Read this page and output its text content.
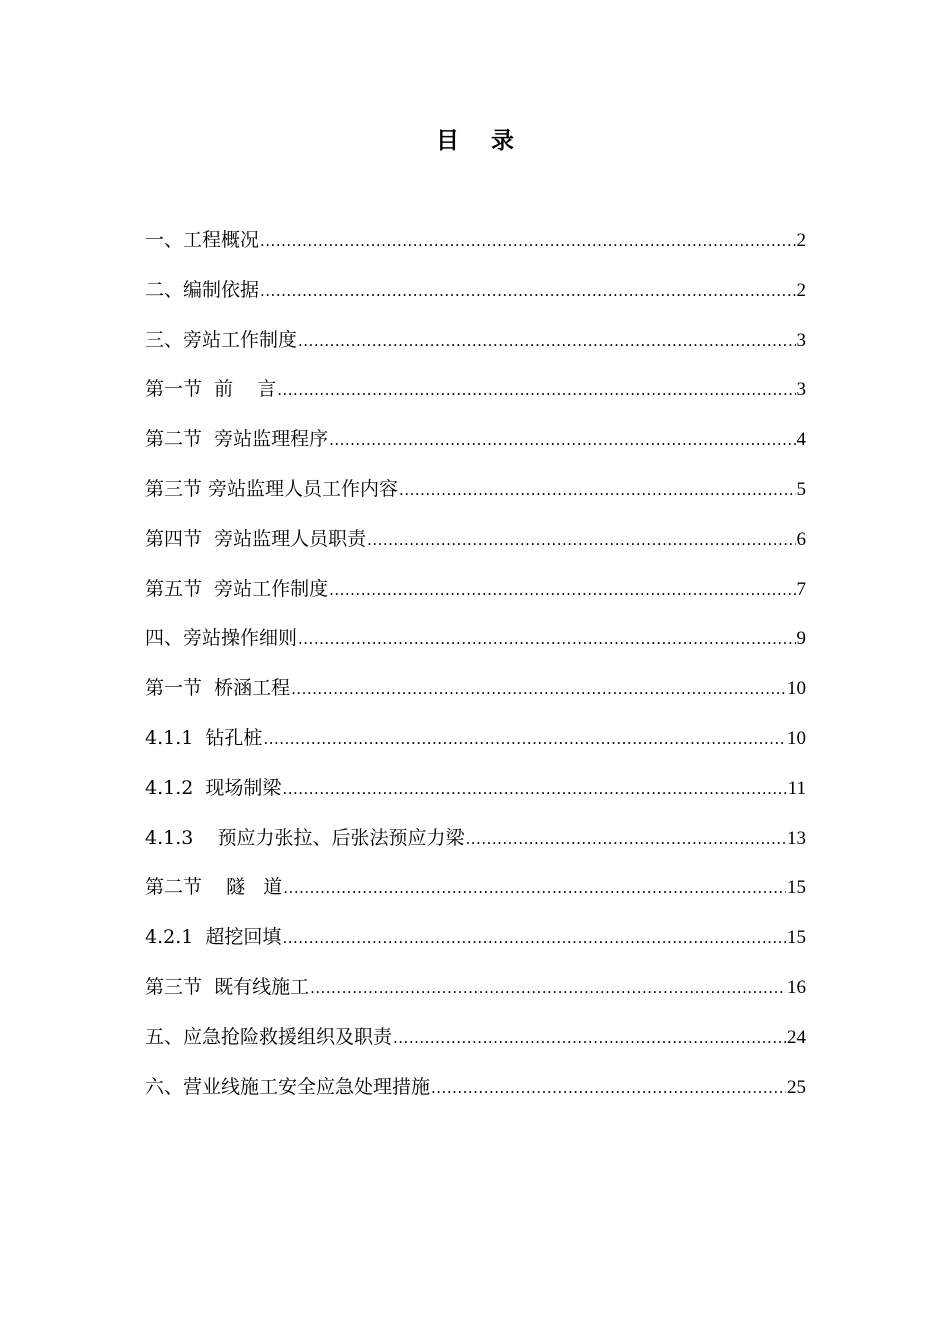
目 录
一、工程概况 .....	2
二、编制依据 .....	2
三、旁站工作制度 .....	3
第一节  前    言 .....	3
第二节  旁站监理程序 .....	4
第三节 旁站监理人员工作内容 .....	5
第四节  旁站监理人员职责 .....	6
第五节  旁站工作制度 .....	7
四、旁站操作细则 .....	9
第一节  桥涵工程 .....	10
4.1.1  钻孔桩 .....	10
4.1.2  现场制梁 .....	11
4.1.3    预应力张拉、后张法预应力梁 .....	13
第二节    隧   道 .....	15
4.2.1  超挖回填 .....	15
第三节  既有线施工 .....	16
五、应急抢险救援组织及职责 .....	24
六、营业线施工安全应急处理措施 .....	25
